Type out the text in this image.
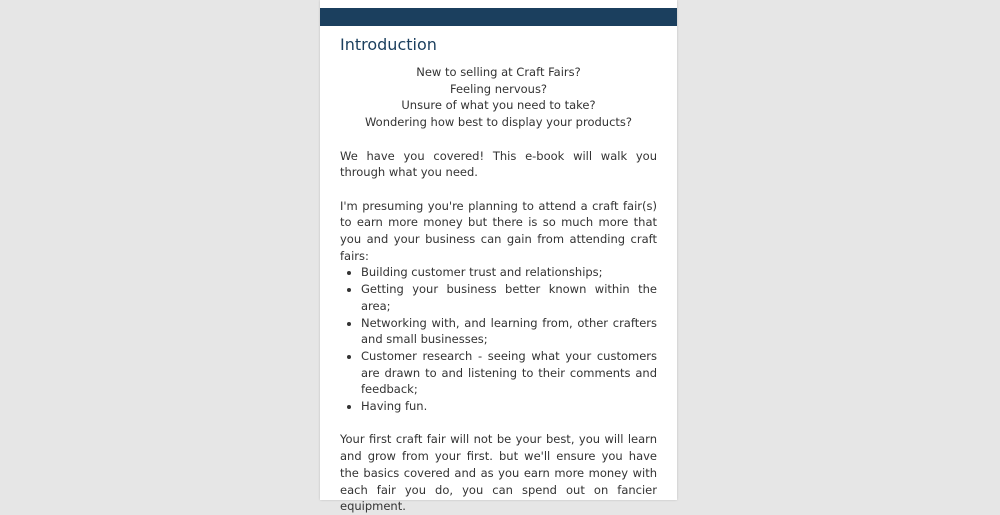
Introduction
New to selling at Craft Fairs?
Feeling nervous?
Unsure of what you need to take?
Wondering how best to display your products?

We have you covered! This e-book will walk you through what you need.

I'm presuming you're planning to attend a craft fair(s) to earn more money but there is so much more that you and your business can gain from attending craft fairs:

• Building customer trust and relationships;
• Getting your business better known within the area;
• Networking with, and learning from, other crafters and small businesses;
• Customer research - seeing what your customers are drawn to and listening to their comments and feedback;
• Having fun.

Your first craft fair will not be your best, you will learn and grow from your first. but we'll ensure you have the basics covered and as you earn more money with each fair you do, you can spend out on fancier equipment.
